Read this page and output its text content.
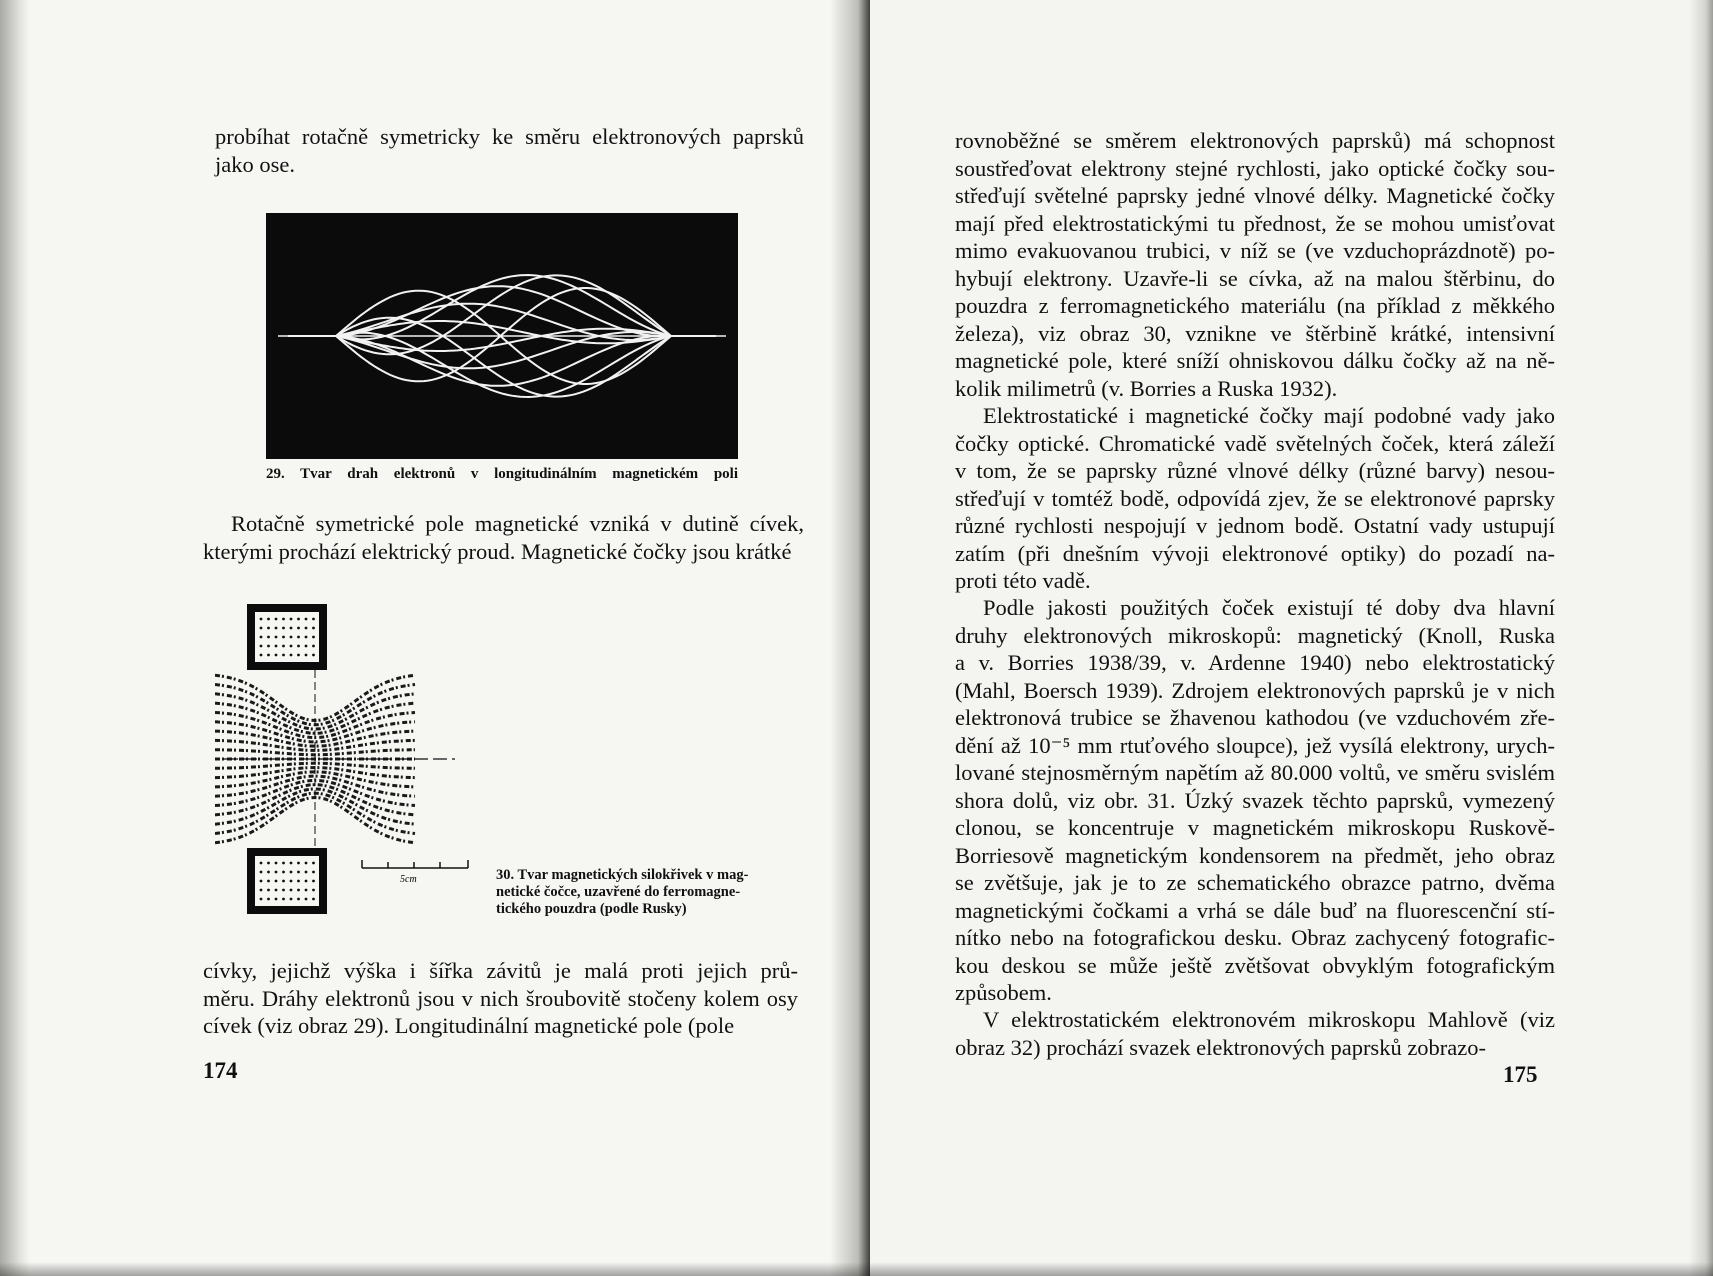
probíhat rotačně symetricky ke směru elektronových paprsků
jako ose.
29. Tvar drah elektronů v longitudinálním magnetickém poli
Rotačně symetrické pole magnetické vzniká v dutině cívek,
kterými prochází elektrický proud. Magnetické čočky jsou krátké
5cm	30. Tvar magnetických silokřivek v mag-
netické čočce, uzavřené do ferromagne-
tického pouzdra (podle Rusky)
cívky, jejichž výška i šířka závitů je malá proti jejich prů-
měru. Dráhy elektronů jsou v nich šroubovitě stočeny kolem osy
cívek (viz obraz 29). Longitudinální magnetické pole (pole
174
rovnoběžné se směrem elektronových paprsků) má schopnost
soustřeďovat elektrony stejné rychlosti, jako optické čočky sou-
střeďují světelné paprsky jedné vlnové délky. Magnetické čočky
mají před elektrostatickými tu přednost, že se mohou umisťovat
mimo evakuovanou trubici, v níž se (ve vzduchoprázdnotě) po-
hybují elektrony. Uzavře-li se cívka, až na malou štěrbinu, do
pouzdra z ferromagnetického materiálu (na příklad z měkkého
železa), viz obraz 30, vznikne ve štěrbině krátké, intensivní
magnetické pole, které sníží ohniskovou dálku čočky až na ně-
kolik milimetrů (v. Borries a Ruska 1932).
Elektrostatické i magnetické čočky mají podobné vady jako
čočky optické. Chromatické vadě světelných čoček, která záleží
v tom, že se paprsky různé vlnové délky (různé barvy) nesou-
střeďují v tomtéž bodě, odpovídá zjev, že se elektronové paprsky
různé rychlosti nespojují v jednom bodě. Ostatní vady ustupují
zatím (při dnešním vývoji elektronové optiky) do pozadí na-
proti této vadě.
Podle jakosti použitých čoček existují té doby dva hlavní
druhy elektronových mikroskopů: magnetický (Knoll, Ruska
a v. Borries 1938/39, v. Ardenne 1940) nebo elektrostatický
(Mahl, Boersch 1939). Zdrojem elektronových paprsků je v nich
elektronová trubice se žhavenou kathodou (ve vzduchovém zře-
dění až 10⁻⁵ mm rtuťového sloupce), jež vysílá elektrony, urych-
lované stejnosměrným napětím až 80.000 voltů, ve směru svislém
shora dolů, viz obr. 31. Úzký svazek těchto paprsků, vymezený
clonou, se koncentruje v magnetickém mikroskopu Ruskově-
Borriesově magnetickým kondensorem na předmět, jeho obraz
se zvětšuje, jak je to ze schematického obrazce patrno, dvěma
magnetickými čočkami a vrhá se dále buď na fluorescenční stí-
nítko nebo na fotografickou desku. Obraz zachycený fotografic-
kou deskou se může ještě zvětšovat obvyklým fotografickým
způsobem.
V elektrostatickém elektronovém mikroskopu Mahlově (viz
obraz 32) prochází svazek elektronových paprsků zobrazo-
175
